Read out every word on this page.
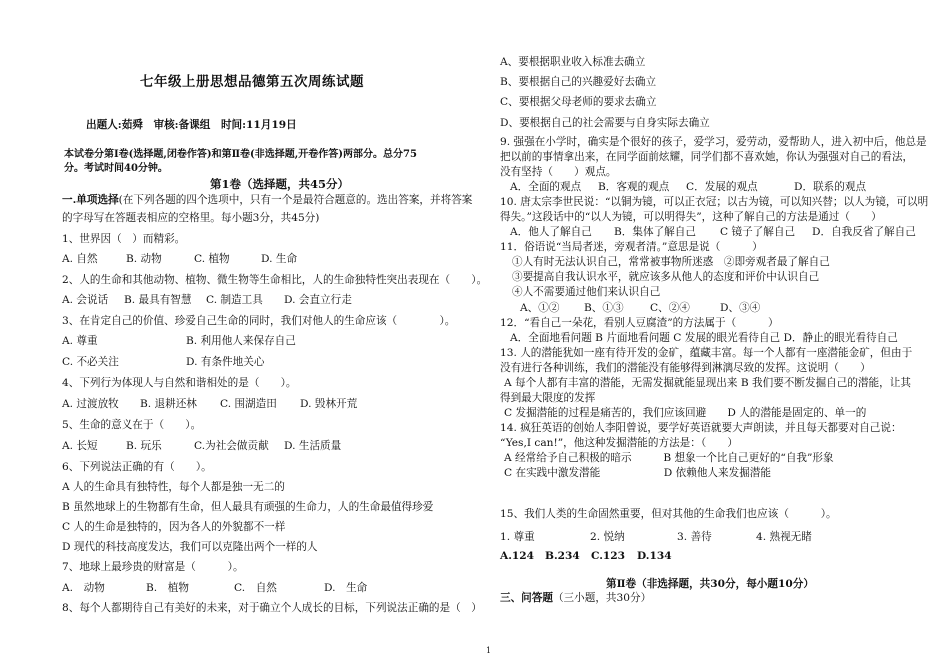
七年级上册思想品德第五次周练试题
出题人:茹舜　审核:备课组　时间:11月19日
本试卷分第Ⅰ卷(选择题,闭卷作答)和第Ⅱ卷(非选择题,开卷作答)两部分。总分75
分。考试时间40分钟。
第1卷（选择题，共45分）
一.单项选择(在下列各题的四个选项中，只有一个是最符合题意的。选出答案，并将答案
的字母写在答题表相应的空格里。每小题3分，共45分)
1、世界因（　）而精彩。
A. 自然	B. 动物	C. 植物	D. 生命
2、人的生命和其他动物、植物、微生物等生命相比，人的生命独特性突出表现在（　　）。
A. 会说话 B. 最具有智慧 C. 制造工具 D. 会直立行走
3、在肯定自己的价值、珍爱自己生命的同时，我们对他人的生命应该（　　　　）。
A. 尊重	B. 利用他人来保存自己
C. 不必关注	D. 有条件地关心
4、下列行为体现人与自然和谐相处的是（　　）。
A. 过渡放牧 B. 退耕还林 C. 围湖造田 D. 毁林开荒
5、生命的意义在于（　　）。
A. 长短	B. 玩乐	C.为社会做贡献 D. 生活质量
6、下列说法正确的有（　　）。
A 人的生命具有独特性，每个人都是独一无二的
B 虽然地球上的生物都有生命，但人最具有顽强的生命力，人的生命最值得珍爱
C 人的生命是独特的，因为各人的外貌都不一样
D 现代的科技高度发达，我们可以克隆出两个一样的人
7、地球上最珍贵的财富是（　　　）。
A.　动物	B.　植物	C.　自然	D.　生命
8、每个人都期待自己有美好的未来，对于确立个人成长的目标，下列说法正确的是（　）
A、要根据职业收入标准去确立
B、要根据自己的兴趣爱好去确立
C、要根据父母老师的要求去确立
D、要根据自己的社会需要与自身实际去确立
9. 强强在小学时，确实是个很好的孩子，爱学习，爱劳动，爱帮助人，进入初中后，他总是
把以前的事情拿出来，在同学面前炫耀，同学们都不喜欢她，你认为强强对自己的看法，
没有坚持（　　）观点。
A．全面的观点 B．客观的观点 C．发展的观点	D．联系的观点
10. 唐太宗李世民说：“以铜为镜，可以正衣冠；以古为镜，可以知兴替；以人为镜，可以明
得失。”这段话中的“以人为镜，可以明得失”，这种了解自己的方法是通过（　　）
A．他人了解自己 B．集体了解自己 C 镜子了解自己 D．自我反省了解自己
11．俗语说“当局者迷，旁观者清。”意思是说（　　　）
①人有时无法认识自己，常常被事物所迷惑　②即旁观者最了解自己
③要提高自我认识水平，就应该多从他人的态度和评价中认识自己
④人不需要通过他们来认识自己
A、①② B、①③ C、②④	D、③④
12．“看自己一朵花，看别人豆腐渣”的方法属于（　　　）
A．全面地看问题 B 片面地看问题 C 发展的眼光看待自己 D．静止的眼光看待自己
13. 人的潜能犹如一座有待开发的金矿，蕴藏丰富。每一个人都有一座潜能金矿，但由于
没有进行各种训练，我们的潜能没有能够得到淋漓尽致的发挥。这说明（　　）
A 每个人都有丰富的潜能，无需发掘就能显现出来 B 我们要不断发掘自己的潜能，让其
得到最大限度的发挥
C 发掘潜能的过程是痛苦的，我们应该回避　　D 人的潜能是固定的、单一的
14. 疯狂英语的创始人李阳曾说，要学好英语就要大声朗读，并且每天都要对自己说：
“Yes,I can!”，他这种发掘潜能的方法是：（　　）
A 经常给予自己积极的暗示　　　B 想象一个比自己更好的“自我”形象
C 在实践中激发潜能　　　　　　D 依赖他人来发掘潜能
15、我们人类的生命固然重要，但对其他的生命我们也应该（　　　）。
1. 尊重	2. 悦纳	3. 善待	4. 熟视无睹
A.124 B.234 C.123 D.134
第Ⅱ卷（非选择题，共30分，每小题10分）
三、问答题（三小题，共30分）
1
